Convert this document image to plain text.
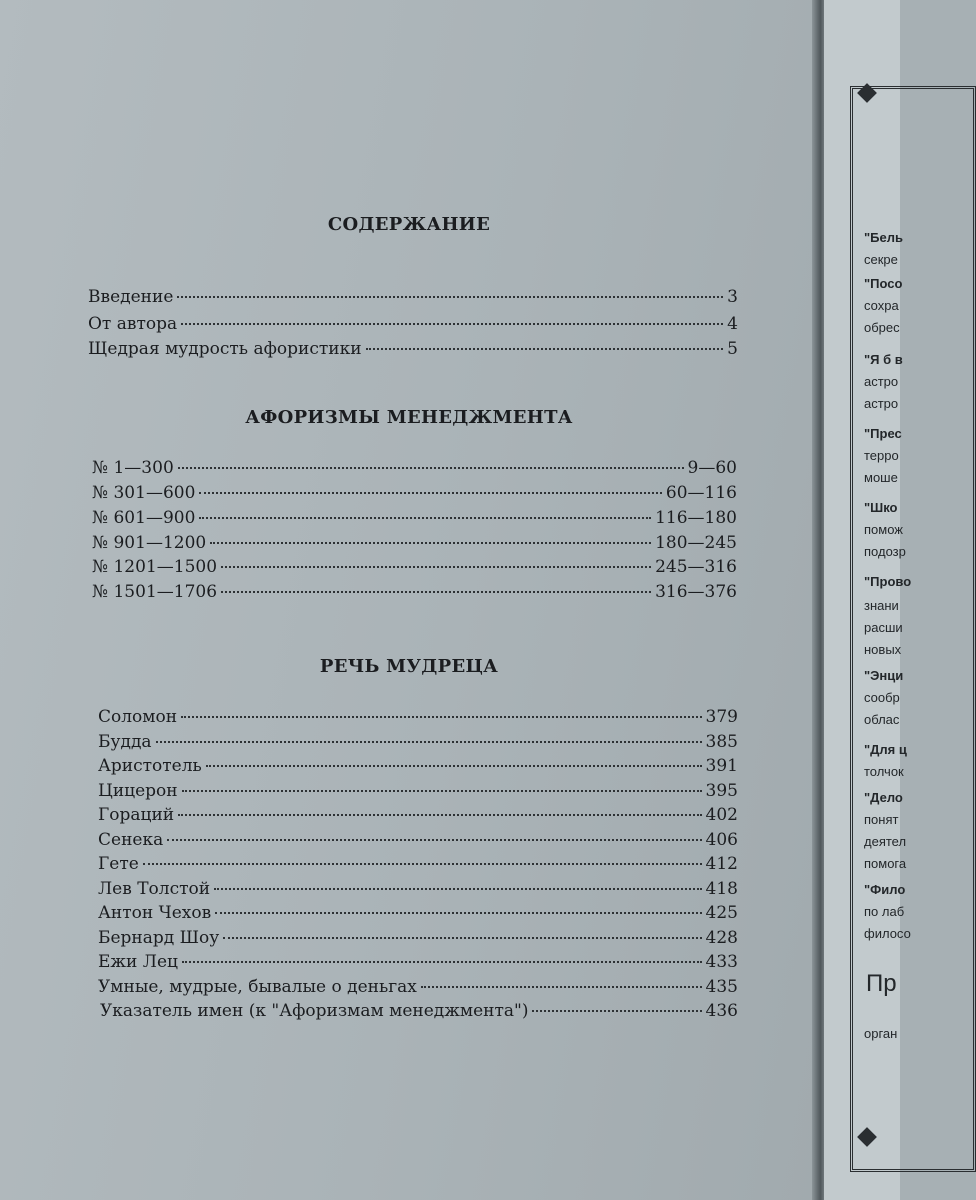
СОДЕРЖАНИЕ
Введение	3
От автора	4
Щедрая мудрость афористики	5
АФОРИЗМЫ МЕНЕДЖМЕНТА
№ 1—300	9—60
№ 301—600	60—116
№ 601—900	116—180
№ 901—1200	180—245
№ 1201—1500	245—316
№ 1501—1706	316—376
РЕЧЬ МУДРЕЦА
Соломон	379
Будда	385
Аристотель	391
Цицерон	395
Гораций	402
Сенека	406
Гете	412
Лев Толстой	418
Антон Чехов	425
Бернард Шоу	428
Ежи Лец	433
Умные, мудрые, бывалые о деньгах	435
Указатель имен (к "Афоризмам менеджмента")	436
"Бель
секре
"Посо
сохра
обрес
"Я б в
астро
астро
"Прес
терро
моше
"Шко
помож
подозр
"Прово
знани
расши
новых
"Энци
сообр
облас
"Для ц
толчок
"Дело
понят
деятел
помога
"Фило
по лаб
филосо
Пр
орган
